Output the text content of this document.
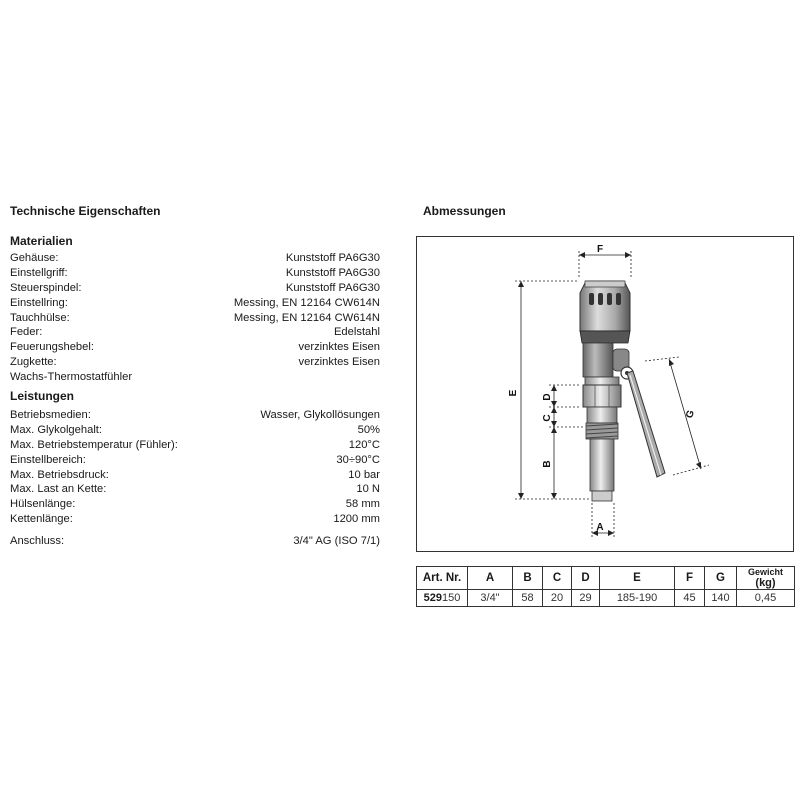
Technische Eigenschaften
Materialien
Gehäuse:	Kunststoff PA6G30
Einstellgriff:	Kunststoff PA6G30
Steuerspindel:	Kunststoff PA6G30
Einstellring:	Messing, EN 12164 CW614N
Tauchhülse:	Messing, EN 12164 CW614N
Feder:	Edelstahl
Feuerungshebel:	verzinktes Eisen
Zugkette:	verzinktes Eisen
Wachs-Thermostatfühler
Leistungen
Betriebsmedien:	Wasser, Glykollösungen
Max. Glykolgehalt:	50%
Max. Betriebstemperatur (Fühler):	120°C
Einstellbereich:	30÷90°C
Max. Betriebsdruck:	10 bar
Max. Last an Kette:	10 N
Hülsenlänge:	58 mm
Kettenlänge:	1200 mm
Anschluss:	3/4" AG (ISO 7/1)
Abmessungen
F
E
D
C
B
A
G
Art. Nr.	A	B	C	D	E	F	G	Gewicht (kg)
529150	3/4"	58	20	29	185-190	45	140	0,45
